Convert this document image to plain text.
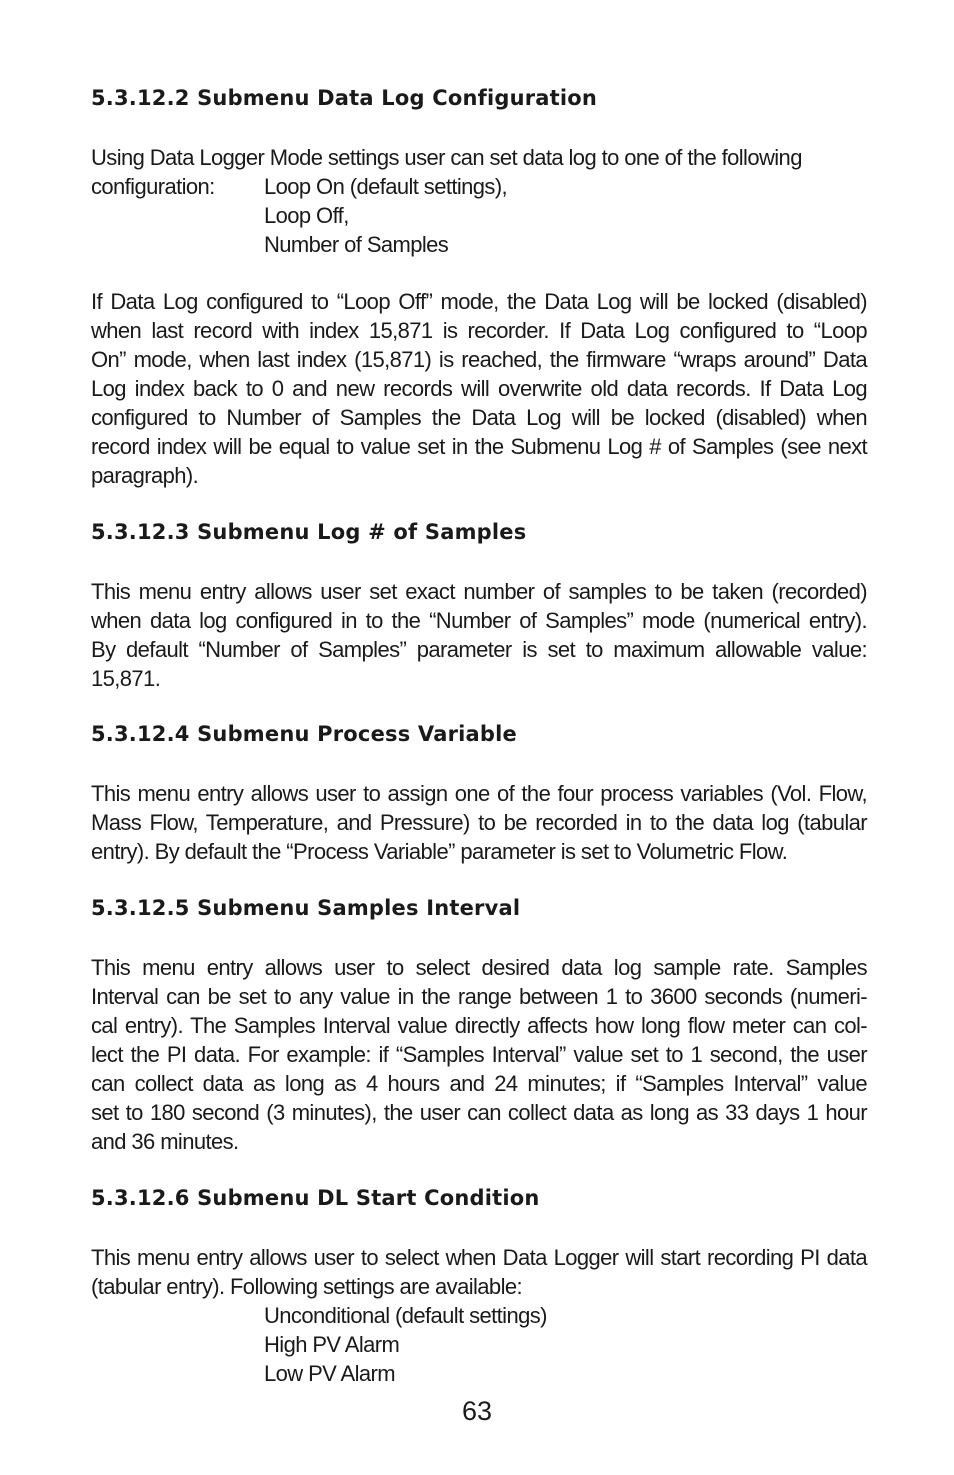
5.3.12.2 Submenu Data Log Configuration
Using Data Logger Mode settings user can set data log to one of the following
configuration:	Loop On (default settings),
Loop Off,
Number of Samples
If Data Log configured to “Loop Off” mode, the Data Log will be locked (disabled)
when last record with index 15,871 is recorder. If Data Log configured to “Loop
On” mode, when last index (15,871) is reached, the firmware “wraps around” Data
Log index back to 0 and new records will overwrite old data records. If Data Log
configured to Number of Samples the Data Log will be locked (disabled) when
record index will be equal to value set in the Submenu Log # of Samples (see next
paragraph).
5.3.12.3 Submenu Log # of Samples
This menu entry allows user set exact number of samples to be taken (recorded)
when data log configured in to the “Number of Samples” mode (numerical entry).
By default “Number of Samples” parameter is set to maximum allowable value:
15,871.
5.3.12.4 Submenu Process Variable
This menu entry allows user to assign one of the four process variables (Vol. Flow,
Mass Flow, Temperature, and Pressure) to be recorded in to the data log (tabular
entry). By default the “Process Variable” parameter is set to Volumetric Flow.
5.3.12.5 Submenu Samples Interval
This menu entry allows user to select desired data log sample rate. Samples
Interval can be set to any value in the range between 1 to 3600 seconds (numeri-
cal entry). The Samples Interval value directly affects how long flow meter can col-
lect the PI data. For example: if “Samples Interval” value set to 1 second, the user
can collect data as long as 4 hours and 24 minutes; if “Samples Interval” value
set to 180 second (3 minutes), the user can collect data as long as 33 days 1 hour
and 36 minutes.
5.3.12.6 Submenu DL Start Condition
This menu entry allows user to select when Data Logger will start recording PI data
(tabular entry). Following settings are available:
Unconditional (default settings)
High PV Alarm
Low PV Alarm
63
